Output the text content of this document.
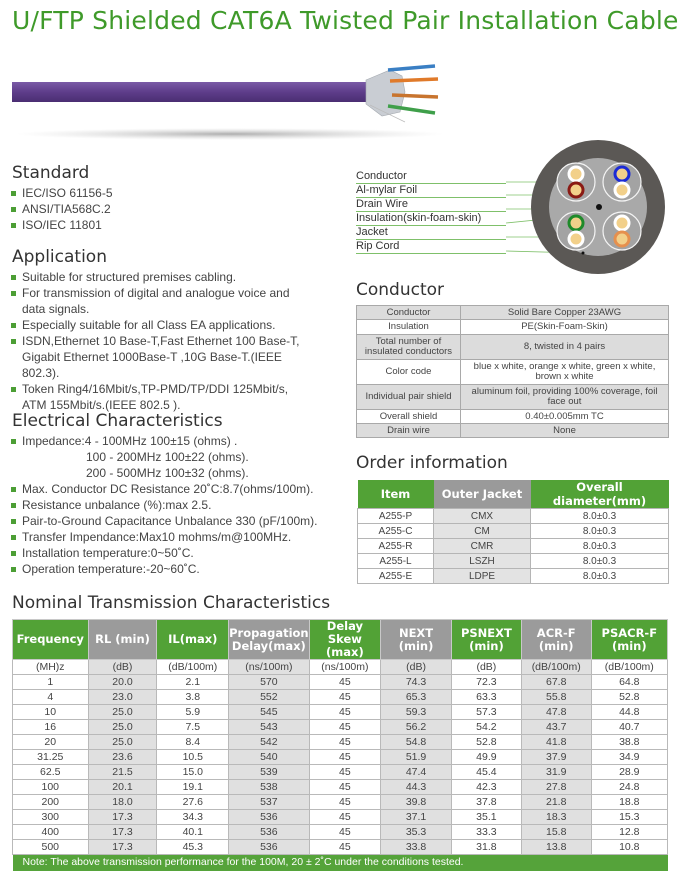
U/FTP Shielded CAT6A Twisted Pair Installation Cable
Standard
IEC/ISO 61156-5
ANSI/TIA568C.2
ISO/IEC 11801
Application
Suitable for structured premises cabling.
For transmission of digital and analogue voice and data signals.
Especially suitable for all Class EA applications.
ISDN,Ethernet 10 Base-T,Fast Ethernet 100 Base-T, Gigabit Ethernet 1000Base-T ,10G Base-T.(IEEE 802.3).
Token Ring4/16Mbit/s,TP-PMD/TP/DDI 125Mbit/s, ATM 155Mbit/s.(IEEE 802.5 ).
Electrical Characteristics
Impedance:4 - 100MHz 100±15 (ohms) .
100 - 200MHz 100±22 (ohms).
200 - 500MHz 100±32 (ohms).
Max. Conductor DC Resistance 20˚C:8.7(ohms/100m).
Resistance unbalance (%):max 2.5.
Pair-to-Ground Capacitance Unbalance 330 (pF/100m).
Transfer Impendance:Max10 mohms/m@100MHz.
Installation temperature:0~50˚C.
Operation temperature:-20~60˚C.
Conductor
Al-mylar Foil
Drain Wire
Insulation(skin-foam-skin)
Jacket
Rip Cord
Conductor
Conductor	Solid Bare Copper 23AWG
Insulation	PE(Skin-Foam-Skin)
Total number of insulated conductors	8, twisted in 4 pairs
Color code	blue x white, orange x white, green x white, brown x white
Individual pair shield	aluminum foil, providing 100% coverage, foil face out
Overall shield	0.40±0.005mm TC
Drain wire	None
Order information
Item	Outer Jacket	Overall diameter(mm)
A255-P	CMX	8.0±0.3
A255-C	CM	8.0±0.3
A255-R	CMR	8.0±0.3
A255-L	LSZH	8.0±0.3
A255-E	LDPE	8.0±0.3
Nominal Transmission Characteristics
Frequency	RL (min)	IL(max)	Propagation Delay(max)	Delay Skew (max)	NEXT (min)	PSNEXT (min)	ACR-F (min)	PSACR-F (min)
(MH)z	(dB)	(dB/100m)	(ns/100m)	(ns/100m)	(dB)	(dB)	(dB/100m)	(dB/100m)
1	20.0	2.1	570	45	74.3	72.3	67.8	64.8
4	23.0	3.8	552	45	65.3	63.3	55.8	52.8
10	25.0	5.9	545	45	59.3	57.3	47.8	44.8
16	25.0	7.5	543	45	56.2	54.2	43.7	40.7
20	25.0	8.4	542	45	54.8	52.8	41.8	38.8
31.25	23.6	10.5	540	45	51.9	49.9	37.9	34.9
62.5	21.5	15.0	539	45	47.4	45.4	31.9	28.9
100	20.1	19.1	538	45	44.3	42.3	27.8	24.8
200	18.0	27.6	537	45	39.8	37.8	21.8	18.8
300	17.3	34.3	536	45	37.1	35.1	18.3	15.3
400	17.3	40.1	536	45	35.3	33.3	15.8	12.8
500	17.3	45.3	536	45	33.8	31.8	13.8	10.8
Note: The above transmission performance for the 100M, 20 ± 2˚C under the conditions tested.								
